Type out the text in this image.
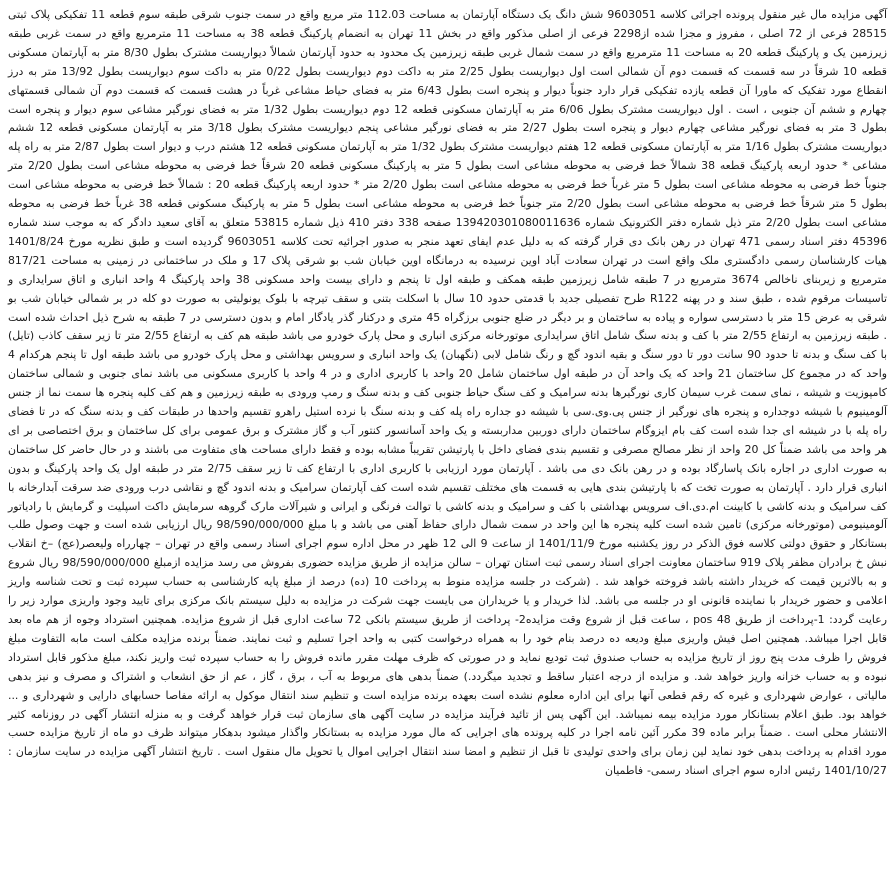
آگهی مزایده مال غیر منقول پرونده اجرائی کلاسه 9603051 شش دانگ یک دستگاه آپارتمان به مساحت 112.03 متر مربع واقع در سمت جنوب شرقی طبقه سوم قطعه 11 تفکیکی پلاک ثبتی 28515 فرعی از 72 اصلی ، مفروز و مجزا شده از2298 فرعی از اصلی مذکور واقع در بخش 11 تهران به انضمام پارکینگ قطعه 38 به مساحت 11 مترمربع واقع در سمت غربی طبقه زیرزمین یک و پارکینگ قطعه 20 به مساحت 11 مترمربع واقع در سمت شمال غربی طبقه زیرزمین یک محدود به حدود آپارتمان شمالاً دیواریست مشترک بطول 8/30 متر به آپارتمان مسکونی قطعه 10 شرقاً در سه قسمت که قسمت دوم آن شمالی است اول دیواریست بطول 2/25 متر به داکت دوم دیواریست بطول 0/22 متر به داکت سوم دیواریست بطول 13/92 متر به درز انقطاع مورد تفکیک که ماورا آن قطعه یازده تفکیکی قرار دارد جنوباً دیوار و پنجره است بطول 6/43 متر به فضای حیاط مشاعی غرباً در هشت قسمت که قسمت دوم آن شمالی قسمتهای چهارم و ششم آن جنوبی ، است . اول دیواریست مشترک بطول 6/06 متر به آپارتمان مسکونی قطعه 12 دوم دیواریست بطول 1/32 متر به فضای نورگیر مشاعی سوم دیوار و پنجره است بطول 3 متر به فضای نورگیر مشاعی چهارم دیوار و پنجره است بطول 2/27 متر به فضای نورگیر مشاعی پنجم دیواریست مشترک بطول 3/18 متر به آپارتمان مسکونی قطعه 12 ششم دیواریست مشترک بطول 1/16 متر به آپارتمان مسکونی قطعه 12 هفتم دیواریست مشترک بطول 1/32 متر به آپارتمان مسکونی قطعه 12 هشتم درب و دیوار است بطول 2/87 متر به راه پله مشاعی * حدود اربعه پارکینگ قطعه 38 شمالاً خط فرضی به محوطه مشاعی است بطول 5 متر به پارکینگ مسکونی قطعه 20 شرقاً خط فرضی به محوطه مشاعی است بطول 2/20 متر جنوباً خط فرضی به محوطه مشاعی است بطول 5 متر غرباً خط فرضی به محوطه مشاعی است بطول 2/20 متر * حدود اربعه پارکینگ قطعه 20 : شمالاً خط فرضی به محوطه مشاعی است بطول 5 متر شرقاً خط فرضی به محوطه مشاعی است بطول 2/20 متر جنوباً خط فرضی به محوطه مشاعی است بطول 5 متر به پارکینگ مسکونی قطعه 38 غرباً خط فرضی به محوطه مشاعی است بطول 2/20 متر ذیل شماره دفتر الکترونیک شماره 139420301080011636 صفحه 338 دفتر 410 ذیل شماره 53815 متعلق به آقای سعید دادگر که به موجب سند شماره 45396 دفتر اسناد رسمی 471 تهران در رهن بانک دی قرار گرفته که به دلیل عدم ایفای تعهد منجر به صدور اجرائیه تحت کلاسه 9603051 گردیده است و طبق نظریه مورخ 1401/8/24 هیات کارشناسان رسمی دادگستری ملک واقع است در تهران سعادت آباد اوین نرسیده به درمانگاه اوین خیابان شب بو شرقی پلاک 17 و ملک در ساختمانی در زمینی به مساحت 817/21 مترمربع و زیربنای ناخالص 3674 مترمربع در 7 طبقه شامل زیرزمین طبقه همکف و طبقه اول تا پنجم و دارای بیست واحد مسکونی 38 واحد پارکینگ 4 واحد انباری و اتاق سرایداری و تاسیسات مرقوم شده ، طبق سند و در پهنه R122 طرح تفصیلی جدید با قدمتی حدود 10 سال با اسکلت بتنی و سقف تیرچه با بلوک یونولیتی به صورت دو کله در بر شمالی خیابان شب بو شرقی به عرض 15 متر با دسترسی سواره و پیاده به ساختمان و بر دیگر در ضلع جنوبی برزگراه 45 متری و درکنار گذر یادگار امام و بدون دسترسی در 7 طبقه به شرح ذیل احداث شده است . طبقه زیرزمین به ارتفاع 2/55 متر با کف و بدنه سنگ شامل اتاق سرایداری موتورخانه مرکزی انباری و محل پارک خودرو می باشد طبقه هم کف به ارتفاع 2/55 متر تا زیر سقف کاذب (تایل) با کف سنگ و بدنه تا حدود 90 سانت دور تا دور سنگ و بقیه اندود گچ و رنگ شامل لابی (نگهبان) یک واحد انباری و سرویس بهداشتی و محل پارک خودرو می باشد طبقه اول تا پنجم هرکدام 4 واحد که در مجموع کل ساختمان 21 واحد که یک واحد آن در طبقه اول ساختمان شامل 20 واحد با کاربری اداری و در 4 واحد با کاربری مسکونی می باشد نمای جنوبی و شمالی ساختمان کامپوزیت و شیشه ، نمای سمت غرب سیمان کاری نورگیرها بدنه سرامیک و کف سنگ حیاط جنوبی کف و بدنه سنگ و رمپ ورودی به طبقه زیرزمین و هم کف کلیه پنجره ها سمت نما از جنس آلومینیوم با شیشه دوجداره و پنجره های نورگیر از جنس پی.وی.سی با شیشه دو جداره راه پله کف و بدنه سنگ با نرده استیل راهرو تقسیم واحدها در طبقات کف و بدنه سنگ که در تا فضای راه پله با در شیشه ای جدا شده است کف بام ایزوگام ساختمان دارای دوربین مداربسته و یک واحد آسانسور کنتور آب و گاز مشترک و برق عمومی برای کل ساختمان و برق اختصاصی بر ای هر واحد می باشد ضمناً کل 20 واحد از نظر مصالح مصرفی و تقسیم بندی فضای داخل با پارتیشن تقریباً مشابه بوده و فقط دارای مساحت های متفاوت می باشند و در حال حاضر کل ساختمان به صورت اداری در اجاره بانک پاسارگاد بوده و در رهن بانک دی می باشد . آپارتمان مورد ارزیابی با کاربری اداری با ارتفاع کف تا زیر سقف 2/75 متر در طبقه اول یک واحد پارکینگ و بدون انباری قرار دارد . آپارتمان به صورت تخت که با پارتیشن بندی هایی به قسمت های مختلف تقسیم شده است کف آپارتمان سرامیک و بدنه اندود گچ و نقاشی درب ورودی ضد سرقت آبدارخانه با کف سرامیک و بدنه کاشی با کابینت ام.دی.اف سرویس بهداشتی با کف و سرامیک و بدنه کاشی با توالت فرنگی و ایرانی و شیرآلات مارک گروهه سرمایش داکت اسپلیت و گرمایش با رادیاتور آلومینیومی (موتورخانه مرکزی) تامین شده است کلیه پنجره ها این واحد در سمت شمال دارای حفاظ آهنی می باشد و با مبلغ 98/590/000/000 ریال ارزیابی شده است و جهت وصول طلب بستانکار و حقوق دولتی کلاسه فوق الذکر در روز یکشنبه مورخ 1401/11/9 از ساعت 9 الی 12 ظهر در محل اداره سوم اجرای اسناد رسمی واقع در تهران – چهارراه ولیعصر(عج) –خ انقلاب نبش خ برادران مظفر پلاک 919 ساختمان معاونت اجرای اسناد رسمی ثبت استان تهران – سالن مزایده از طریق مزایده حضوری بفروش می رسد مزایده ازمبلغ 98/590/000/000 ریال شروع و به بالاترین قیمت که خریدار داشته باشد فروخته خواهد شد . (شرکت در جلسه مزایده منوط به پرداخت 10 (ده) درصد از مبلغ پایه کارشناسی به حساب سپرده ثبت و تحت شناسه واریز اعلامی و حضور خریدار با نماینده قانونی او در جلسه می باشد. لذا خریدار و یا خریداران می بایست جهت شرکت در مزایده به دلیل سیستم بانک مرکزی برای تایید وجود واریزی موارد زیر را رعایت گردد: 1-پرداخت از طریق 48 pos ، ساعت قبل از شروع وقت مزایده2- پرداخت از طریق سیستم بانکی 72 ساعت اداری قبل از شروع مزایده. همچنین استرداد وجوه از هم ماه بعد قابل اجرا میباشد. همچنین اصل فیش واریزی مبلغ ودیعه ده درصد بنام خود را به همراه درخواست کتبی به واحد اجرا تسلیم و ثبت نمایند. ضمناً برنده مزایده مکلف است مابه التفاوت مبلغ فروش را ظرف مدت پنج روز از تاریخ مزایده به حساب صندوق ثبت تودیع نماید و در صورتی که ظرف مهلت مقرر مانده فروش را به حساب سپرده ثبت واریز نکند، مبلغ مذکور قابل استرداد نبوده و به حساب خزانه واریز خواهد شد. و مزایده از درجه اعتبار ساقط و تجدید میگردد.) ضمناً بدهی های مربوط به آب ، برق ، گاز ، عم از حق انشعاب و اشتراک و مصرف و نیز بدهی مالیاتی ، عوارض شهرداری و غیره که رقم قطعی آنها برای این اداره معلوم نشده است بعهده برنده مزایده است و تنظیم سند انتقال موکول به ارائه مفاصا حسابهای دارایی و شهرداری و ... خواهد بود. طبق اعلام بستانکار مورد مزایده بیمه نمیباشد. این آگهی پس از تائید فرآیند مزایده در سایت آگهی های سازمان ثبت قرار خواهد گرفت و به منزله انتشار آگهی در روزنامه کثیر الانتشار محلی است . ضمناً برابر ماده 39 مکرر آئین نامه اجرا در کلیه پرونده های اجرایی که مال مورد مزایده به بستانکار واگذار میشود بدهکار میتواند ظرف دو ماه از تاریخ مزایده حسب مورد اقدام به پرداخت بدهی خود نماید لین زمان برای واحدی تولیدی تا قبل از تنظیم و امضا سند انتقال اجرایی اموال یا تحویل مال منقول است . تاریخ انتشار آگهی مزایده در سایت سازمان : 1401/10/27 رئیس اداره سوم اجرای اسناد رسمی- فاطمیان
